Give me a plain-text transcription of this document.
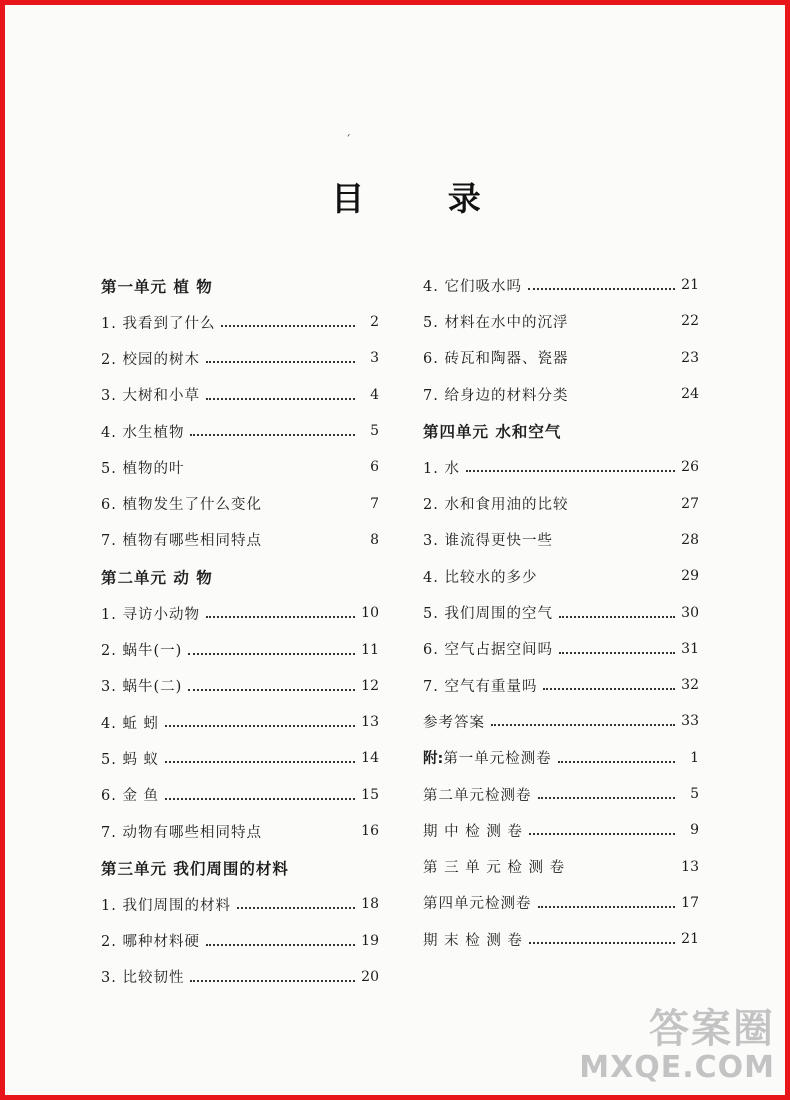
ˊ
目 录
第一单元 植 物
1. 我看到了什么	2
2. 校园的树木	3
3. 大树和小草	4
4. 水生植物	5
5. 植物的叶	6
6. 植物发生了什么变化	7
7. 植物有哪些相同特点	8
第二单元 动 物
1. 寻访小动物	10
2. 蜗牛(一)	11
3. 蜗牛(二)	12
4. 蚯 蚓	13
5. 蚂 蚁	14
6. 金 鱼	15
7. 动物有哪些相同特点	16
第三单元 我们周围的材料
1. 我们周围的材料	18
2. 哪种材料硬	19
3. 比较韧性	20
4. 它们吸水吗	21
5. 材料在水中的沉浮	22
6. 砖瓦和陶器、瓷器	23
7. 给身边的材料分类	24
第四单元 水和空气
1. 水	26
2. 水和食用油的比较	27
3. 谁流得更快一些	28
4. 比较水的多少	29
5. 我们周围的空气	30
6. 空气占据空间吗	31
7. 空气有重量吗	32
参考答案	33
附: 第一单元检测卷	1
第二单元检测卷	5
期 中 检 测 卷	9
第 三 单 元 检 测 卷	13
第四单元检测卷	17
期 末 检 测 卷	21
答案圈
MXQE.COM
